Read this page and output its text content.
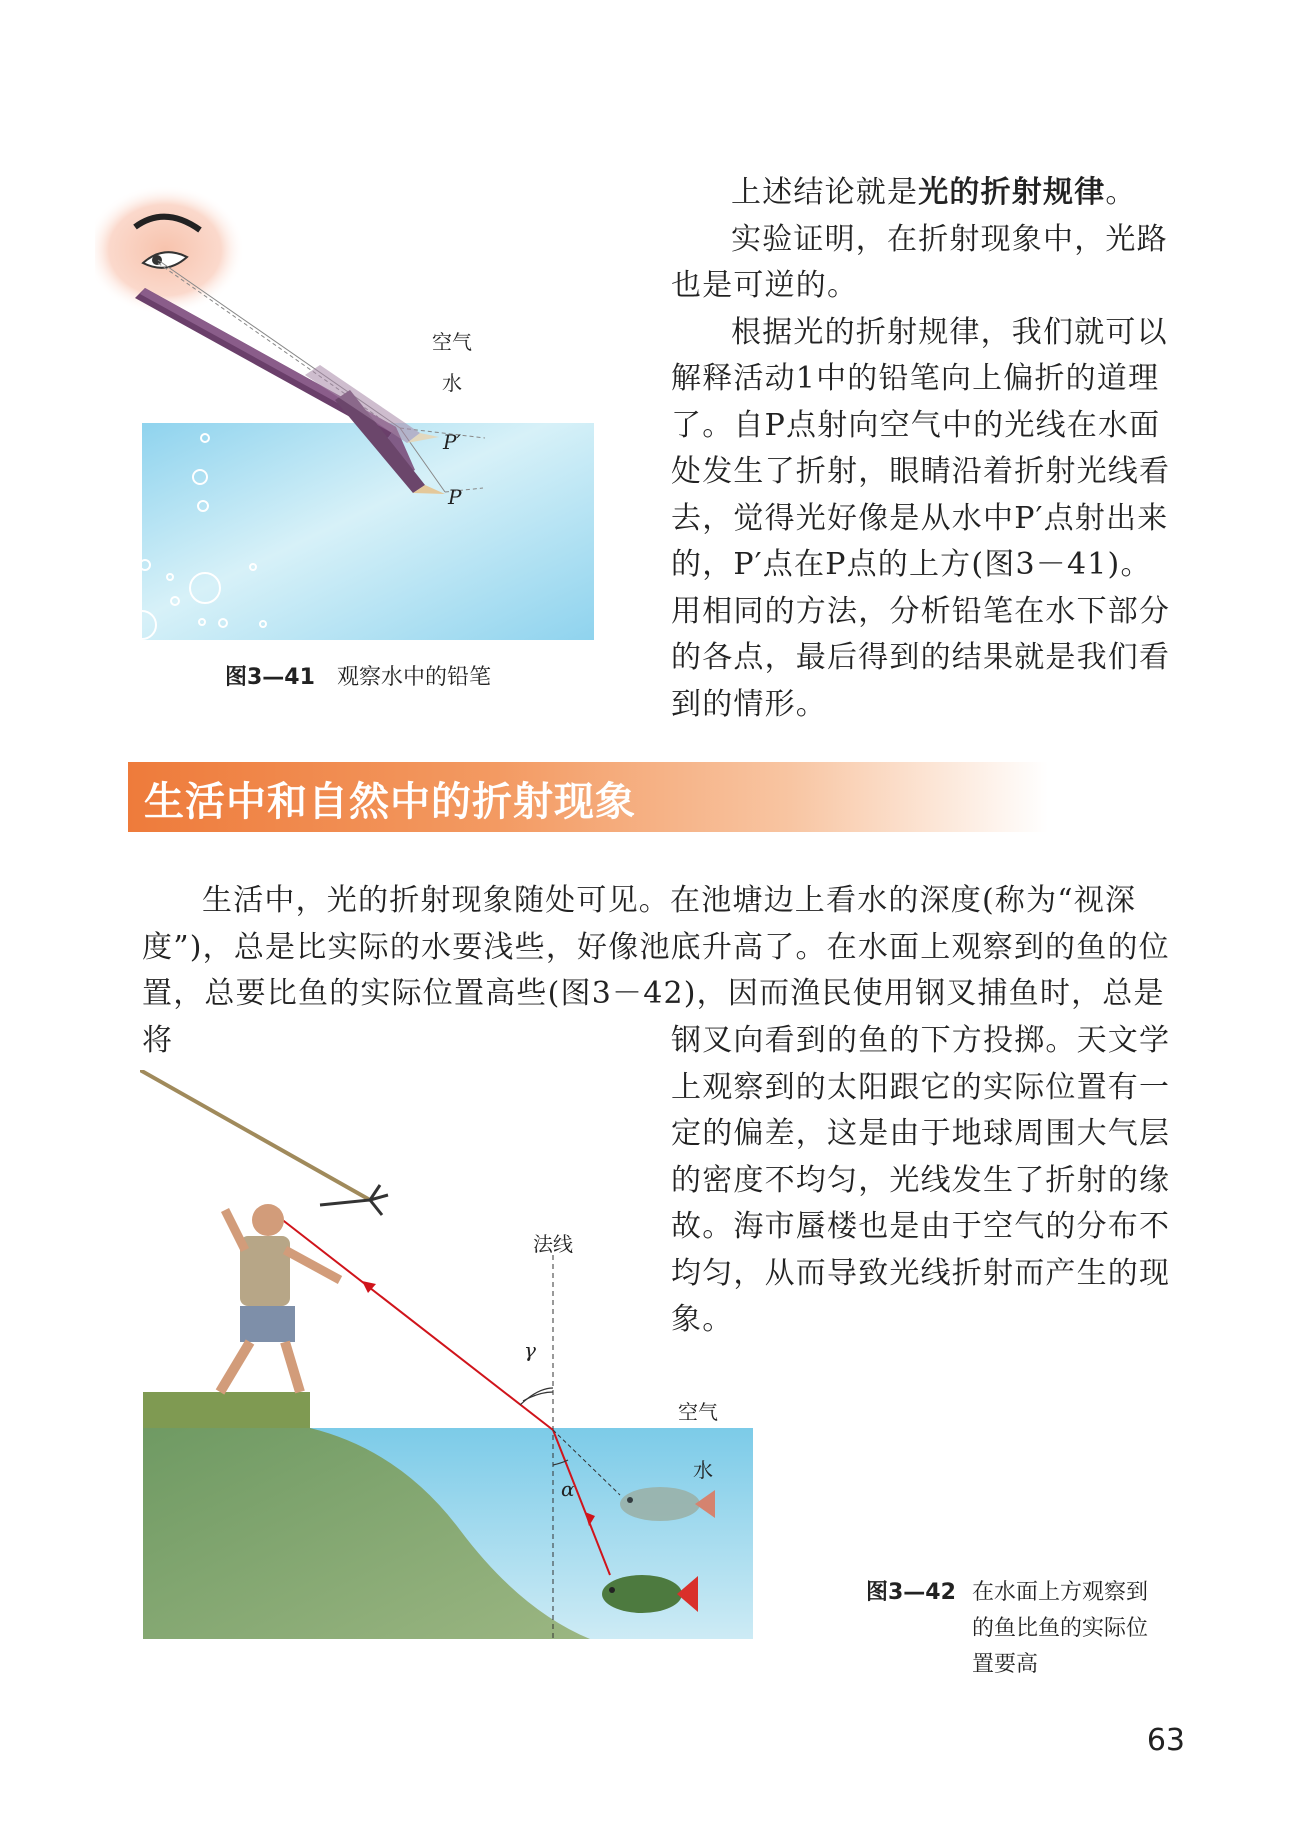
空气
水
P′
P
图3—41 观察水中的铅笔
上述结论就是光的折射规律。
实验证明，在折射现象中，光路也是可逆的。
根据光的折射规律，我们就可以解释活动1中的铅笔向上偏折的道理了。自P点射向空气中的光线在水面处发生了折射，眼睛沿着折射光线看去，觉得光好像是从水中P′点射出来的，P′点在P点的上方(图3－41)。用相同的方法，分析铅笔在水下部分的各点，最后得到的结果就是我们看到的情形。
生活中和自然中的折射现象
生活中，光的折射现象随处可见。在池塘边上看水的深度(称为“视深度”)，总是比实际的水要浅些，好像池底升高了。在水面上观察到的鱼的位置，总要比鱼的实际位置高些(图3－42)，因而渔民使用钢叉捕鱼时，总是将	钢叉向看到的鱼的下方投掷。天文学上观察到的太阳跟它的实际位置有一定的偏差，这是由于地球周围大气层的密度不均匀，光线发生了折射的缘故。海市蜃楼也是由于空气的分布不均匀，从而导致光线折射而产生的现象。
法线
γ
α
空气
水
图3—42 在水面上方观察到的鱼比鱼的实际位置要高
63
